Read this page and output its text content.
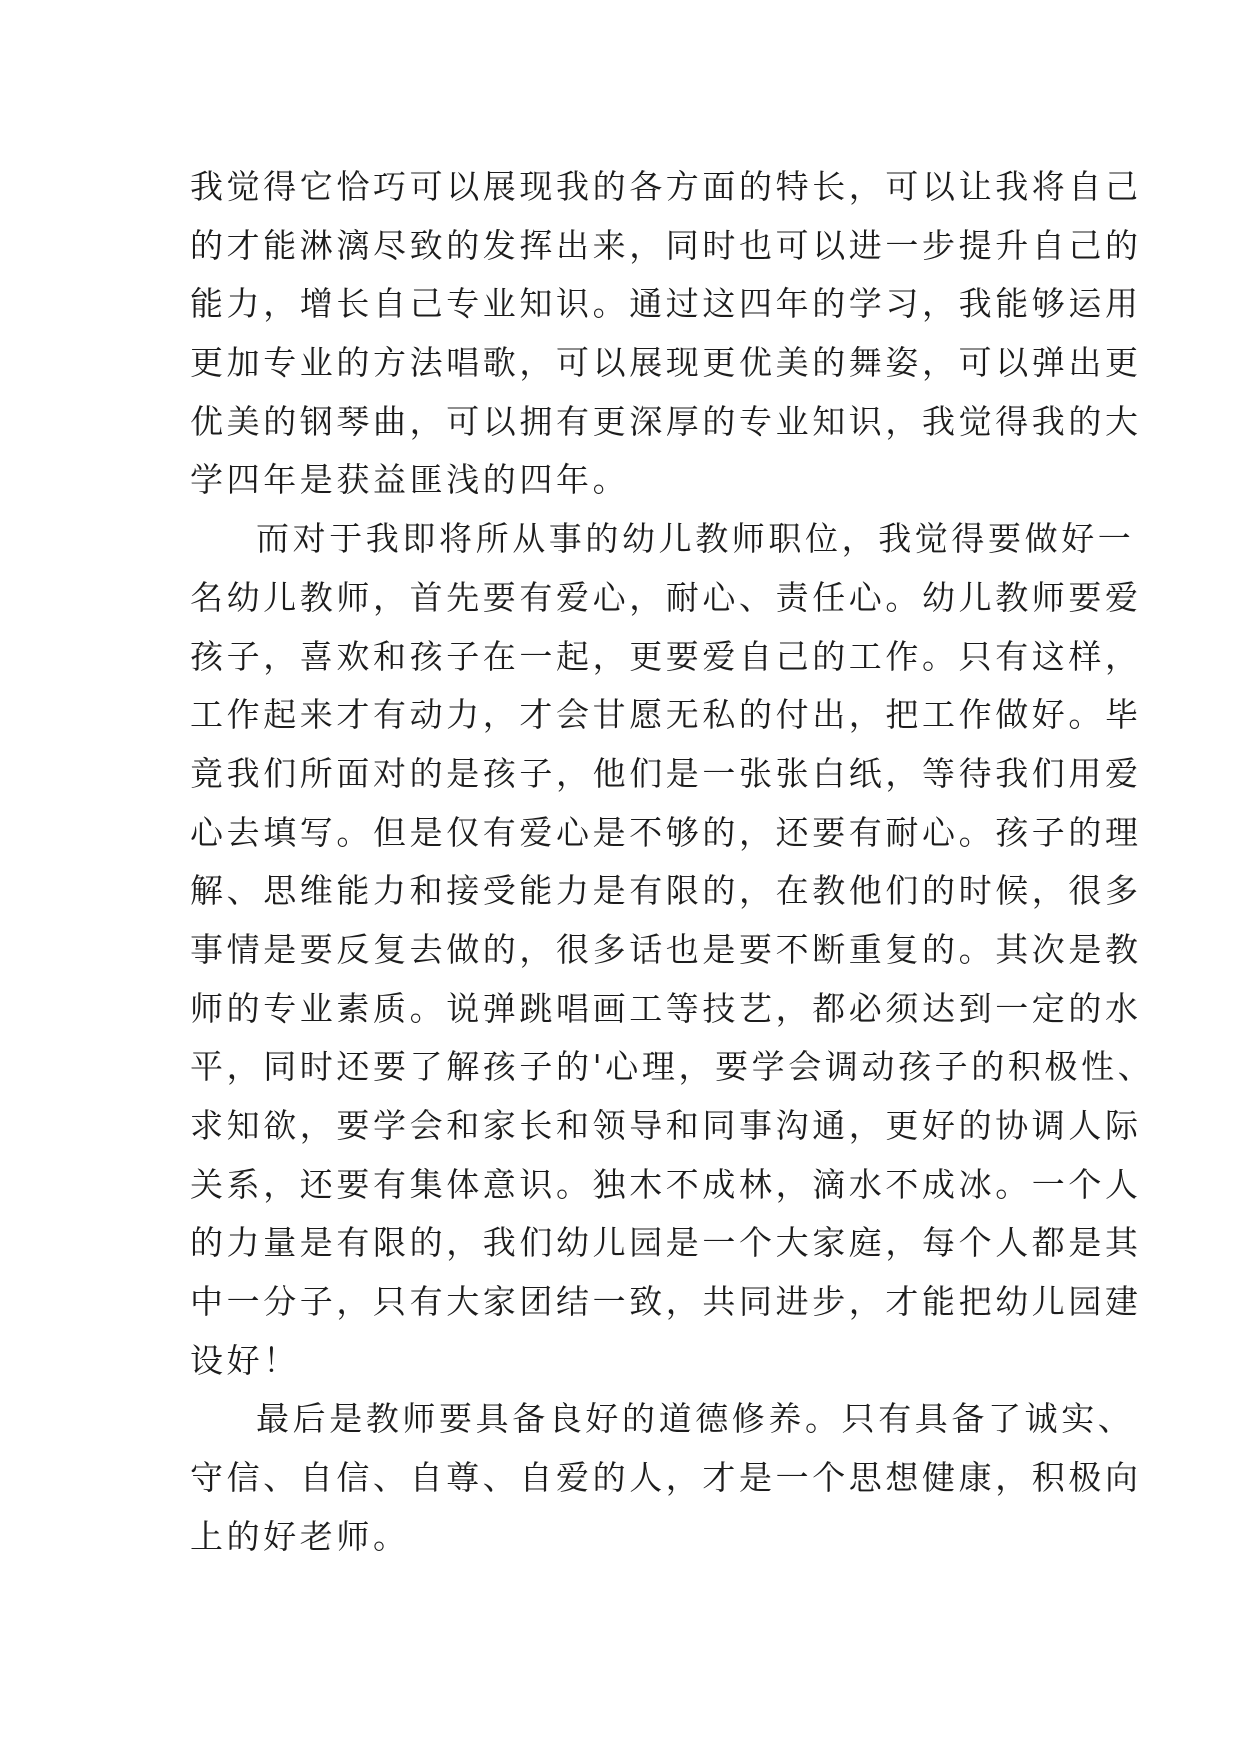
我觉得它恰巧可以展现我的各方面的特长，可以让我将自己
的才能淋漓尽致的发挥出来，同时也可以进一步提升自己的
能力，增长自己专业知识。通过这四年的学习，我能够运用
更加专业的方法唱歌，可以展现更优美的舞姿，可以弹出更
优美的钢琴曲，可以拥有更深厚的专业知识，我觉得我的大
学四年是获益匪浅的四年。
而对于我即将所从事的幼儿教师职位，我觉得要做好一
名幼儿教师，首先要有爱心，耐心、责任心。幼儿教师要爱
孩子，喜欢和孩子在一起，更要爱自己的工作。只有这样，
工作起来才有动力，才会甘愿无私的付出，把工作做好。毕
竟我们所面对的是孩子，他们是一张张白纸，等待我们用爱
心去填写。但是仅有爱心是不够的，还要有耐心。孩子的理
解、思维能力和接受能力是有限的，在教他们的时候，很多
事情是要反复去做的，很多话也是要不断重复的。其次是教
师的专业素质。说弹跳唱画工等技艺，都必须达到一定的水
平，同时还要了解孩子的'心理，要学会调动孩子的积极性、
求知欲，要学会和家长和领导和同事沟通，更好的协调人际
关系，还要有集体意识。独木不成林，滴水不成冰。一个人
的力量是有限的，我们幼儿园是一个大家庭，每个人都是其
中一分子，只有大家团结一致，共同进步，才能把幼儿园建
设好！
最后是教师要具备良好的道德修养。只有具备了诚实、
守信、自信、自尊、自爱的人，才是一个思想健康，积极向
上的好老师。
